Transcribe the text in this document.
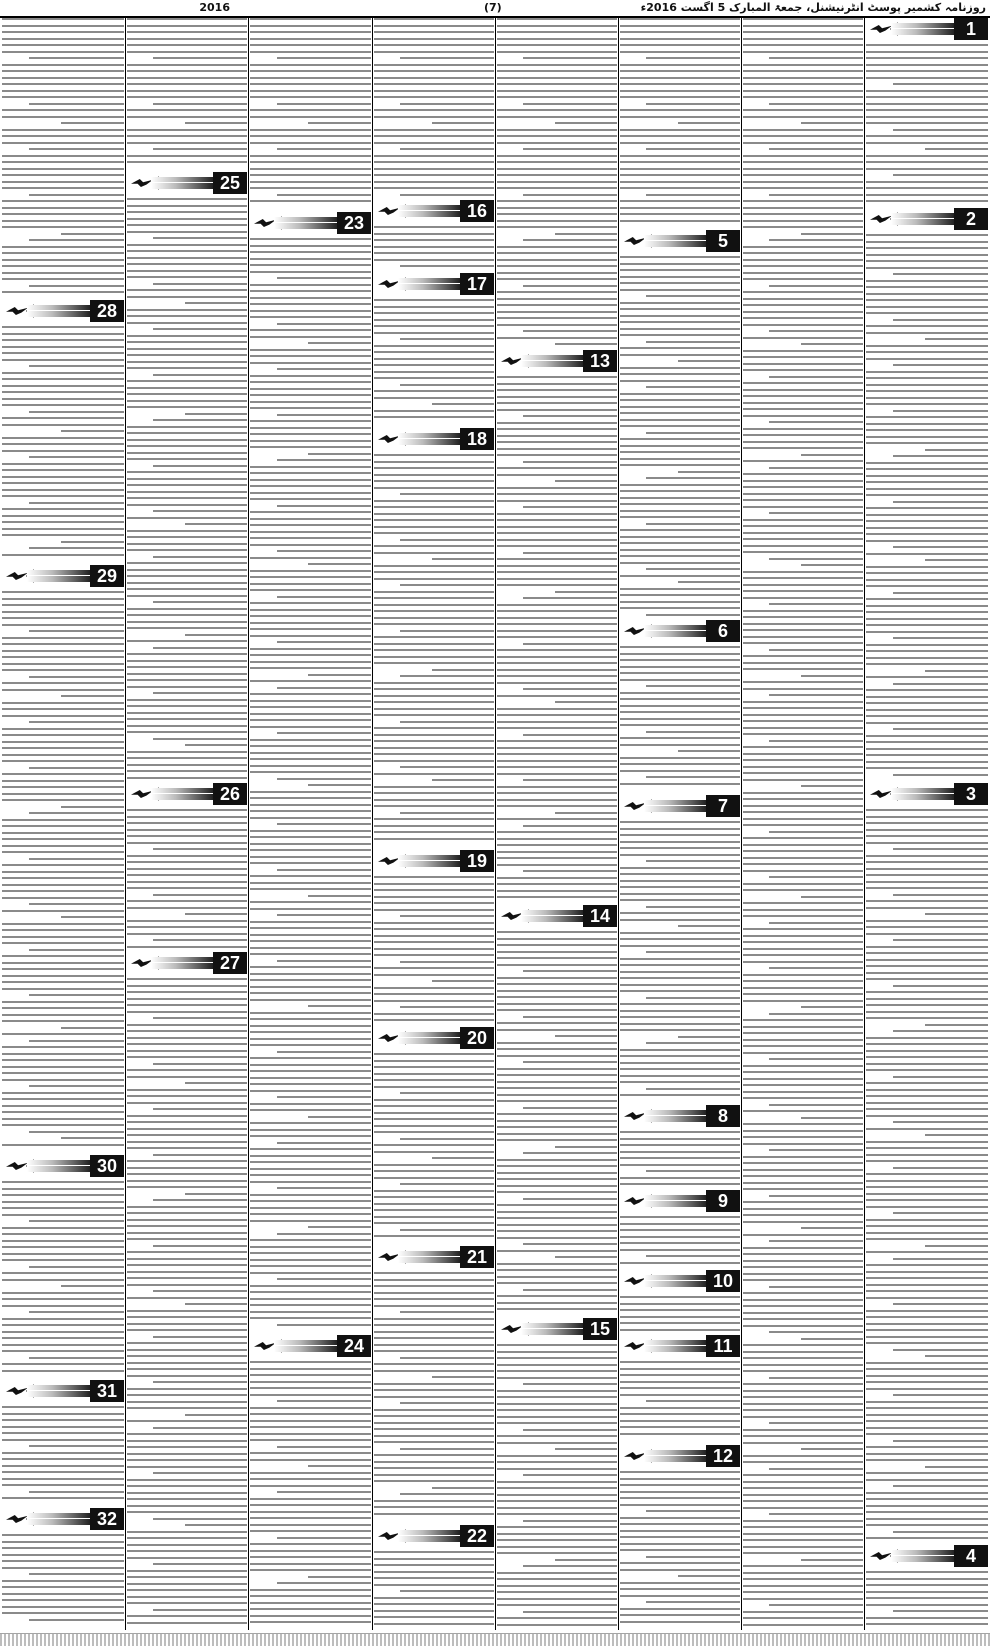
2016	(7)	روزنامہ کشمیر پوسٹ انٹرنیشنل، جمعۃ المبارک 5 اگست 2016ء
1
2
3
4
5
6
7
8
9
10
11
12
13
14
15
16
17
18
19
20
21
22
23
24
25
26
27
28
29
30
31
32
